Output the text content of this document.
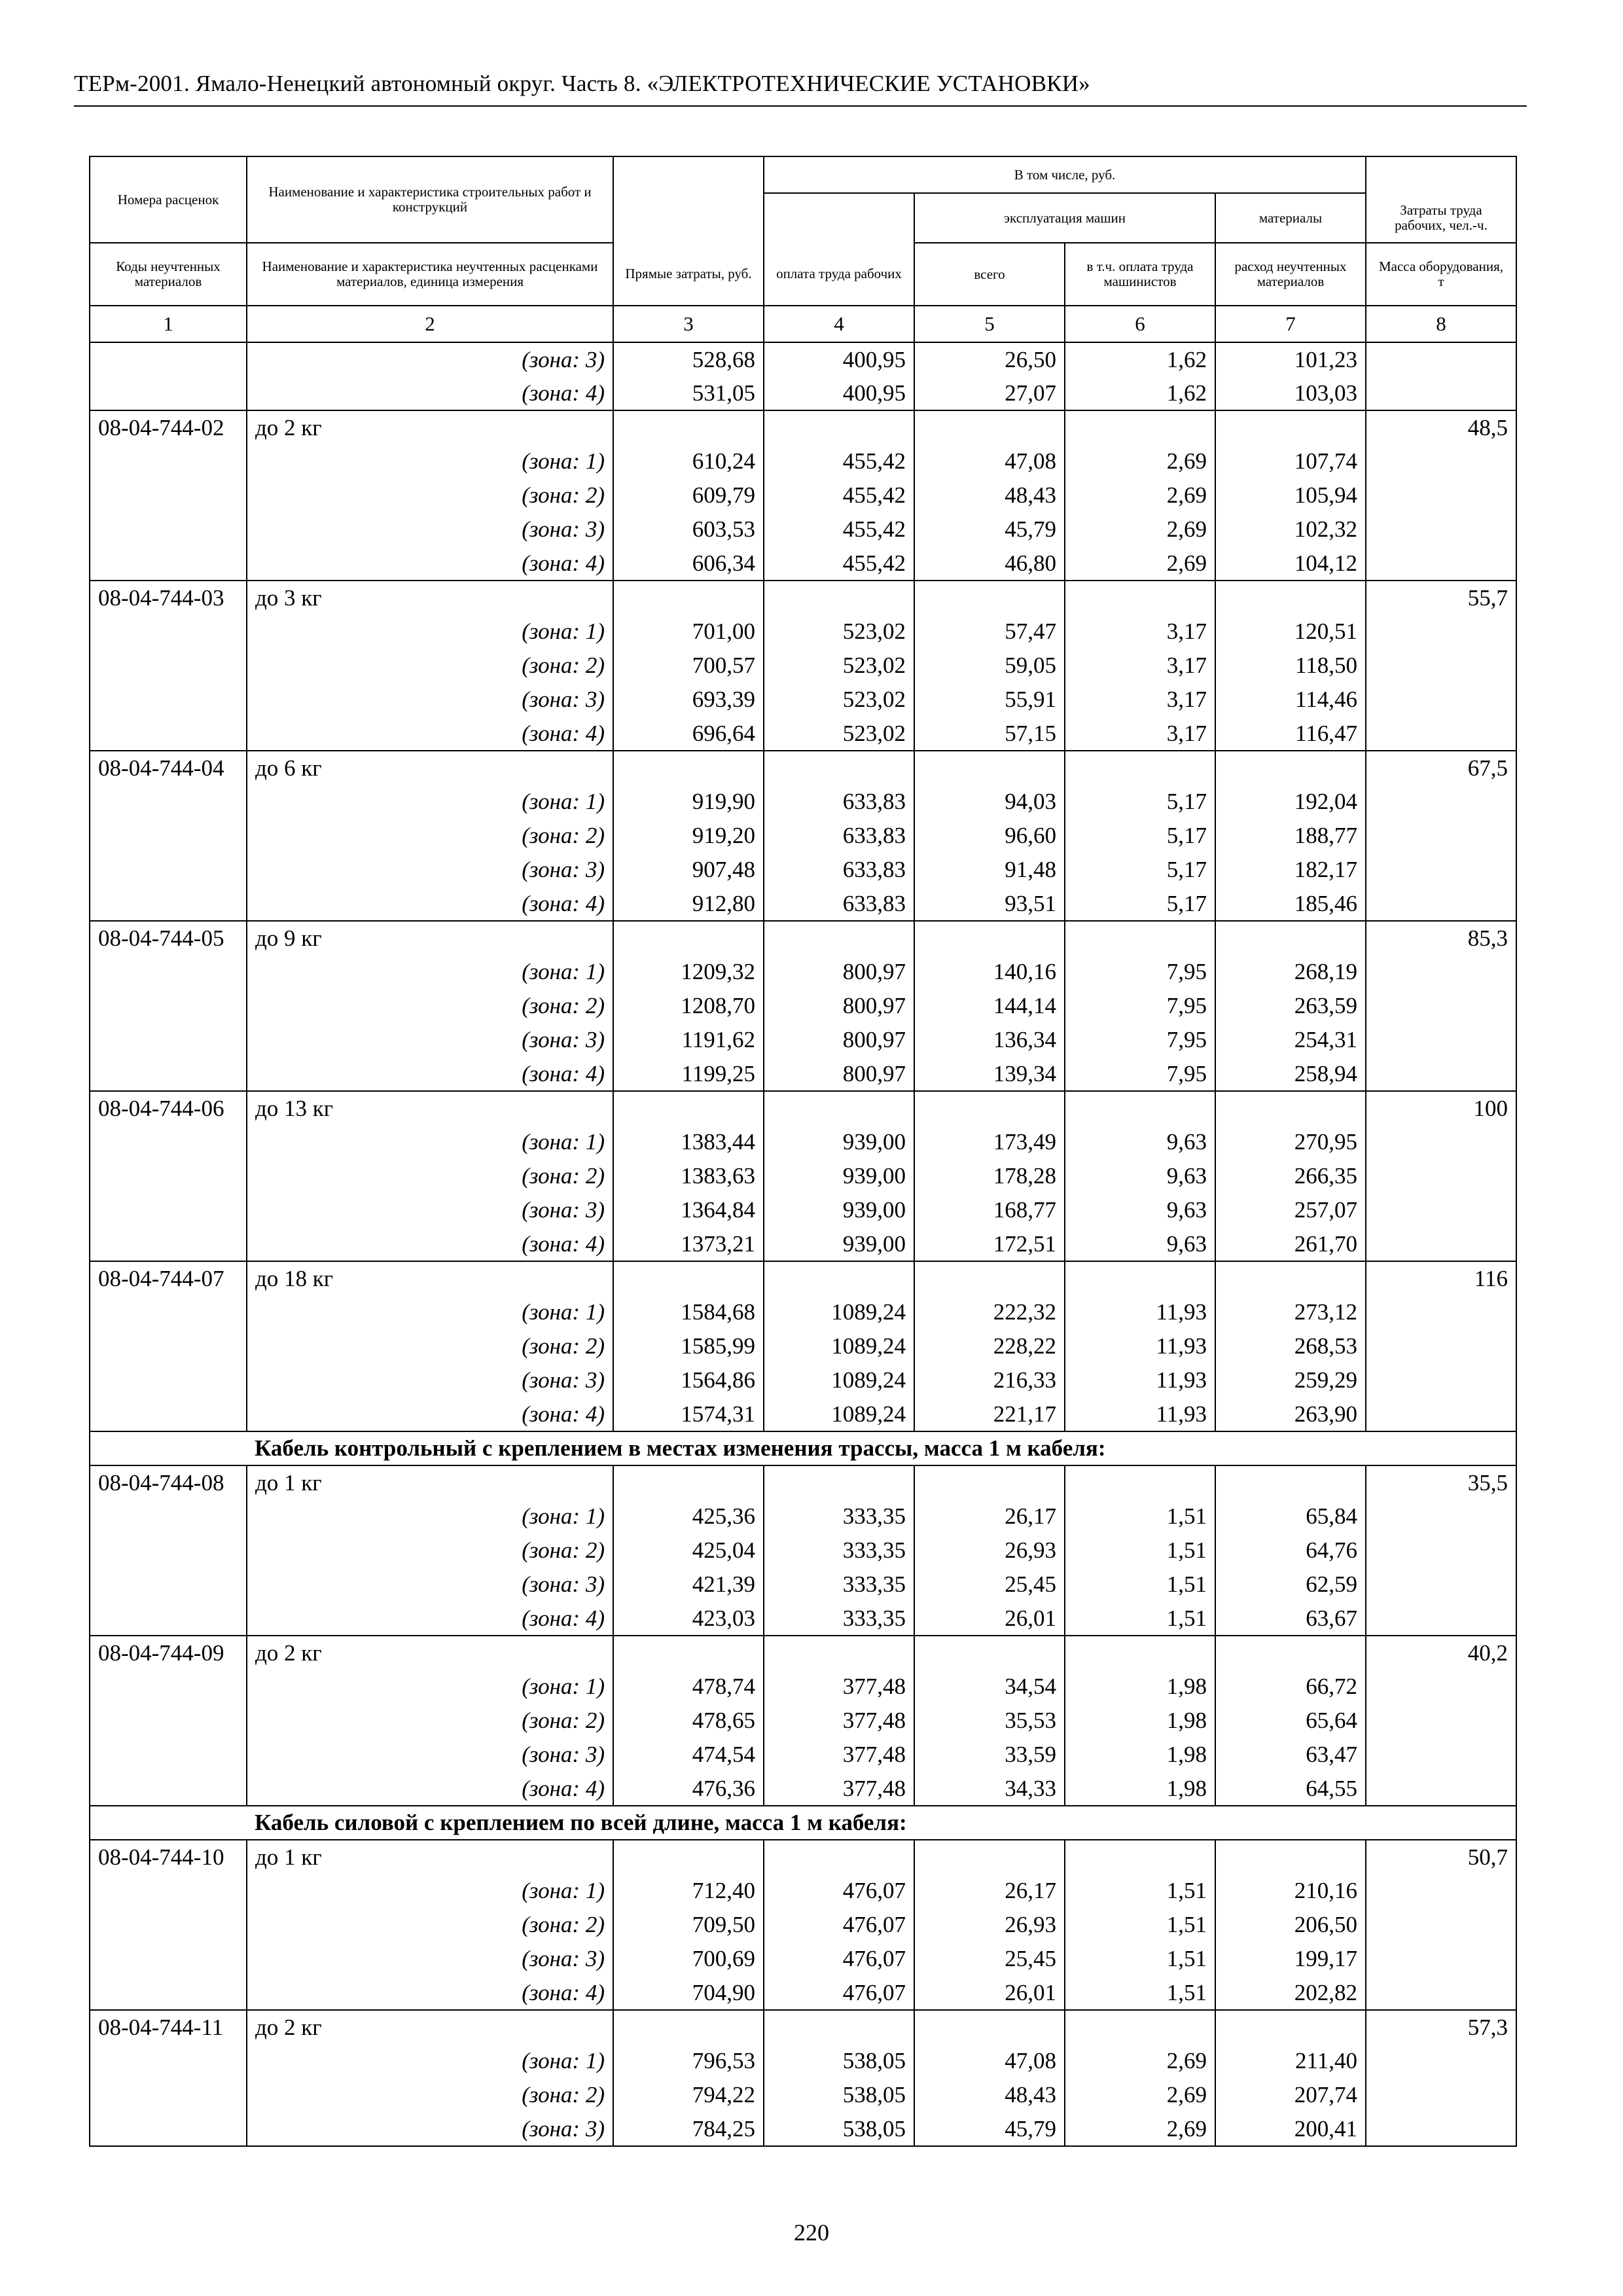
ТЕРм-2001. Ямало-Ненецкий автономный округ. Часть 8. «ЭЛЕКТРОТЕХНИЧЕСКИЕ УСТАНОВКИ»
Номера расценок	Наименование и характеристика строительных работ и конструкций		В том числе, руб.				
				эксплуатация машин		материалы	Затраты труда рабочих, чел.-ч.
Коды неучтенных материалов	Наименование и характеристика неучтенных расценками материалов, единица измерения	Прямые затраты, руб.	оплата труда рабочих	всего	в т.ч. оплата труда машинистов	расход неучтенных материалов	Масса оборудования, т
1	2	3	4	5	6	7	8
	(зона: 3)	528,68	400,95	26,50	1,62	101,23	
	(зона: 4)	531,05	400,95	27,07	1,62	103,03	
08-04-744-02	до 2 кг						48,5
	(зона: 1)	610,24	455,42	47,08	2,69	107,74	
	(зона: 2)	609,79	455,42	48,43	2,69	105,94	
	(зона: 3)	603,53	455,42	45,79	2,69	102,32	
	(зона: 4)	606,34	455,42	46,80	2,69	104,12	
08-04-744-03	до 3 кг						55,7
	(зона: 1)	701,00	523,02	57,47	3,17	120,51	
	(зона: 2)	700,57	523,02	59,05	3,17	118,50	
	(зона: 3)	693,39	523,02	55,91	3,17	114,46	
	(зона: 4)	696,64	523,02	57,15	3,17	116,47	
08-04-744-04	до 6 кг						67,5
	(зона: 1)	919,90	633,83	94,03	5,17	192,04	
	(зона: 2)	919,20	633,83	96,60	5,17	188,77	
	(зона: 3)	907,48	633,83	91,48	5,17	182,17	
	(зона: 4)	912,80	633,83	93,51	5,17	185,46	
08-04-744-05	до 9 кг						85,3
	(зона: 1)	1209,32	800,97	140,16	7,95	268,19	
	(зона: 2)	1208,70	800,97	144,14	7,95	263,59	
	(зона: 3)	1191,62	800,97	136,34	7,95	254,31	
	(зона: 4)	1199,25	800,97	139,34	7,95	258,94	
08-04-744-06	до 13 кг						100
	(зона: 1)	1383,44	939,00	173,49	9,63	270,95	
	(зона: 2)	1383,63	939,00	178,28	9,63	266,35	
	(зона: 3)	1364,84	939,00	168,77	9,63	257,07	
	(зона: 4)	1373,21	939,00	172,51	9,63	261,70	
08-04-744-07	до 18 кг						116
	(зона: 1)	1584,68	1089,24	222,32	11,93	273,12	
	(зона: 2)	1585,99	1089,24	228,22	11,93	268,53	
	(зона: 3)	1564,86	1089,24	216,33	11,93	259,29	
	(зона: 4)	1574,31	1089,24	221,17	11,93	263,90	
	Кабель контрольный с креплением в местах изменения трассы, масса 1 м кабеля:						
08-04-744-08	до 1 кг						35,5
	(зона: 1)	425,36	333,35	26,17	1,51	65,84	
	(зона: 2)	425,04	333,35	26,93	1,51	64,76	
	(зона: 3)	421,39	333,35	25,45	1,51	62,59	
	(зона: 4)	423,03	333,35	26,01	1,51	63,67	
08-04-744-09	до 2 кг						40,2
	(зона: 1)	478,74	377,48	34,54	1,98	66,72	
	(зона: 2)	478,65	377,48	35,53	1,98	65,64	
	(зона: 3)	474,54	377,48	33,59	1,98	63,47	
	(зона: 4)	476,36	377,48	34,33	1,98	64,55	
	Кабель силовой с креплением по всей длине, масса 1 м кабеля:						
08-04-744-10	до 1 кг						50,7
	(зона: 1)	712,40	476,07	26,17	1,51	210,16	
	(зона: 2)	709,50	476,07	26,93	1,51	206,50	
	(зона: 3)	700,69	476,07	25,45	1,51	199,17	
	(зона: 4)	704,90	476,07	26,01	1,51	202,82	
08-04-744-11	до 2 кг						57,3
	(зона: 1)	796,53	538,05	47,08	2,69	211,40	
	(зона: 2)	794,22	538,05	48,43	2,69	207,74	
	(зона: 3)	784,25	538,05	45,79	2,69	200,41	
220
